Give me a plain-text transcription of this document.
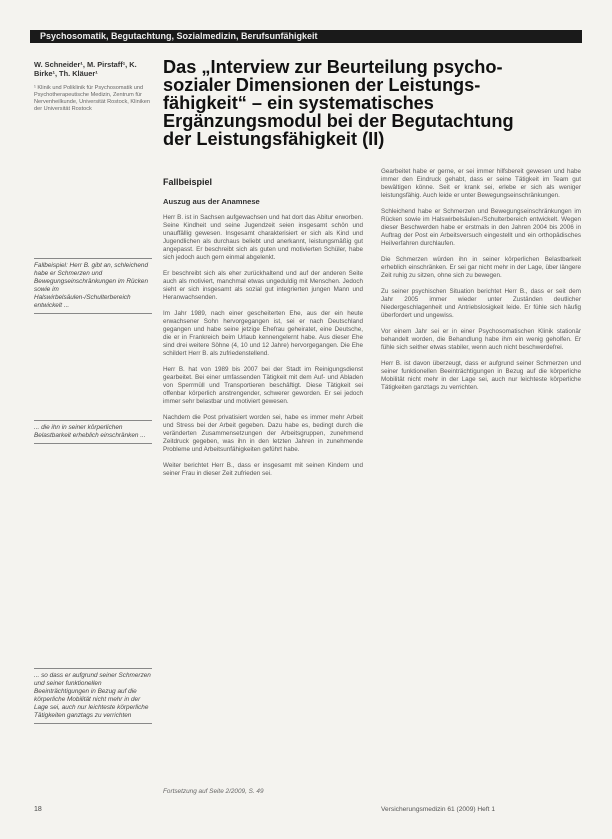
Psychosomatik, Begutachtung, Sozialmedizin, Berufsunfähigkeit
W. Schneider¹, M. Pirstaff¹, K. Birke¹, Th. Kläuer¹
¹ Klinik und Poliklinik für Psychosomatik und Psychotherapeutische Medizin, Zentrum für Nervenheilkunde, Universität Rostock, Kliniken der Universität Rostock
Das „Interview zur Beurteilung psycho-
sozialer Dimensionen der Leistungs-
fähigkeit“ – ein systematisches
Ergänzungsmodul bei der Begutachtung
der Leistungsfähigkeit (II)
Fallbeispiel: Herr B. gibt an, schleichend habe er Schmerzen und Bewegungseinschränkungen im Rücken sowie im Halswirbelsäulen-/Schulterbereich entwickelt ...
... die ihn in seiner körperlichen Belastbarkeit erheblich einschränken ...
... so dass er aufgrund seiner Schmerzen und seiner funktionellen Beeinträchtigungen in Bezug auf die körperliche Mobilität nicht mehr in der Lage sei, auch nur leichteste körperliche Tätigkeiten ganztags zu verrichten
Fallbeispiel
Auszug aus der Anamnese

Herr B. ist in Sachsen aufgewachsen und hat dort das Abitur erworben. Seine Kindheit und seine Jugendzeit seien insgesamt schön und unauffällig gewesen. Insgesamt charakterisiert er sich als Kind und Jugendlichen als durchaus beliebt und anerkannt, leistungsmäßig gut angepasst. Er beschreibt sich als guten und motivierten Schüler, habe sich jedoch auch gern einmal abgelenkt.

Er beschreibt sich als eher zurückhaltend und auf der anderen Seite auch als motiviert, manchmal etwas ungeduldig mit Menschen. Jedoch sieht er sich insgesamt als sozial gut integrierten jungen Mann und Heranwachsenden.

Im Jahr 1989, nach einer gescheiterten Ehe, aus der ein heute erwachsener Sohn hervorgegangen ist, sei er nach Deutschland gegangen und habe seine jetzige Ehefrau geheiratet, eine Deutsche, die er in Frankreich beim Urlaub kennengelernt habe. Aus dieser Ehe sind drei weitere Söhne (4, 10 und 12 Jahre) hervorgegangen. Die Ehe schildert Herr B. als zufriedenstellend.

Herr B. hat von 1989 bis 2007 bei der Stadt im Reinigungsdienst gearbeitet. Bei einer umfassenden Tätigkeit mit dem Auf- und Abladen von Sperrmüll und Transportieren beschäftigt. Diese Tätigkeit sei offenbar körperlich anstrengender, schwerer geworden. Er sei jedoch immer sehr belastbar und motiviert gewesen.

Nachdem die Post privatisiert worden sei, habe es immer mehr Arbeit und Stress bei der Arbeit gegeben. Dazu habe es, bedingt durch die veränderten Zusammensetzungen der Arbeitsgruppen, zunehmend Zeitdruck gegeben, was ihn in den letzten Jahren in zunehmende Probleme und Arbeitsunfähigkeiten geführt habe.

Weiter berichtet Herr B., dass er insgesamt mit seinen Kindern und seiner Frau in dieser Zeit zufrieden sei.

Gearbeitet habe er gerne, er sei immer hilfsbereit gewesen und habe immer den Eindruck gehabt, dass er seine Tätigkeit im Team gut bewältigen könne. Seit er krank sei, erlebe er sich als weniger leistungsfähig. Auch leide er unter Bewegungseinschränkungen.

Schleichend habe er Schmerzen und Bewegungseinschränkungen im Rücken sowie im Halswirbelsäulen-/Schulterbereich entwickelt. Wegen dieser Beschwerden habe er erstmals in den Jahren 2004 bis 2006 in Auftrag der Post ein Arbeitsversuch eingestellt und ein orthopädisches Heilverfahren durchlaufen.

Die Schmerzen würden ihn in seiner körperlichen Belastbarkeit erheblich einschränken. Er sei gar nicht mehr in der Lage, über längere Zeit ruhig zu sitzen, ohne sich zu bewegen.

Zu seiner psychischen Situation berichtet Herr B., dass er seit dem Jahr 2005 immer wieder unter Zuständen deutlicher Niedergeschlagenheit und Antriebslosigkeit leide. Er fühle sich häufig überfordert und ungewiss.

Vor einem Jahr sei er in einer Psychosomatischen Klinik stationär behandelt worden, die Behandlung habe ihm ein wenig geholfen. Er fühle sich seither etwas stabiler, wenn auch nicht beschwerdefrei.

Herr B. ist davon überzeugt, dass er aufgrund seiner Schmerzen und seiner funktionellen Beeinträchtigungen in Bezug auf die körperliche Mobilität nicht mehr in der Lage sei, auch nur leichteste körperliche Tätigkeiten ganztags zu verrichten.

Fortsetzung auf Seite 2/2009, S. 49
18	Versicherungsmedizin 61 (2009) Heft 1
